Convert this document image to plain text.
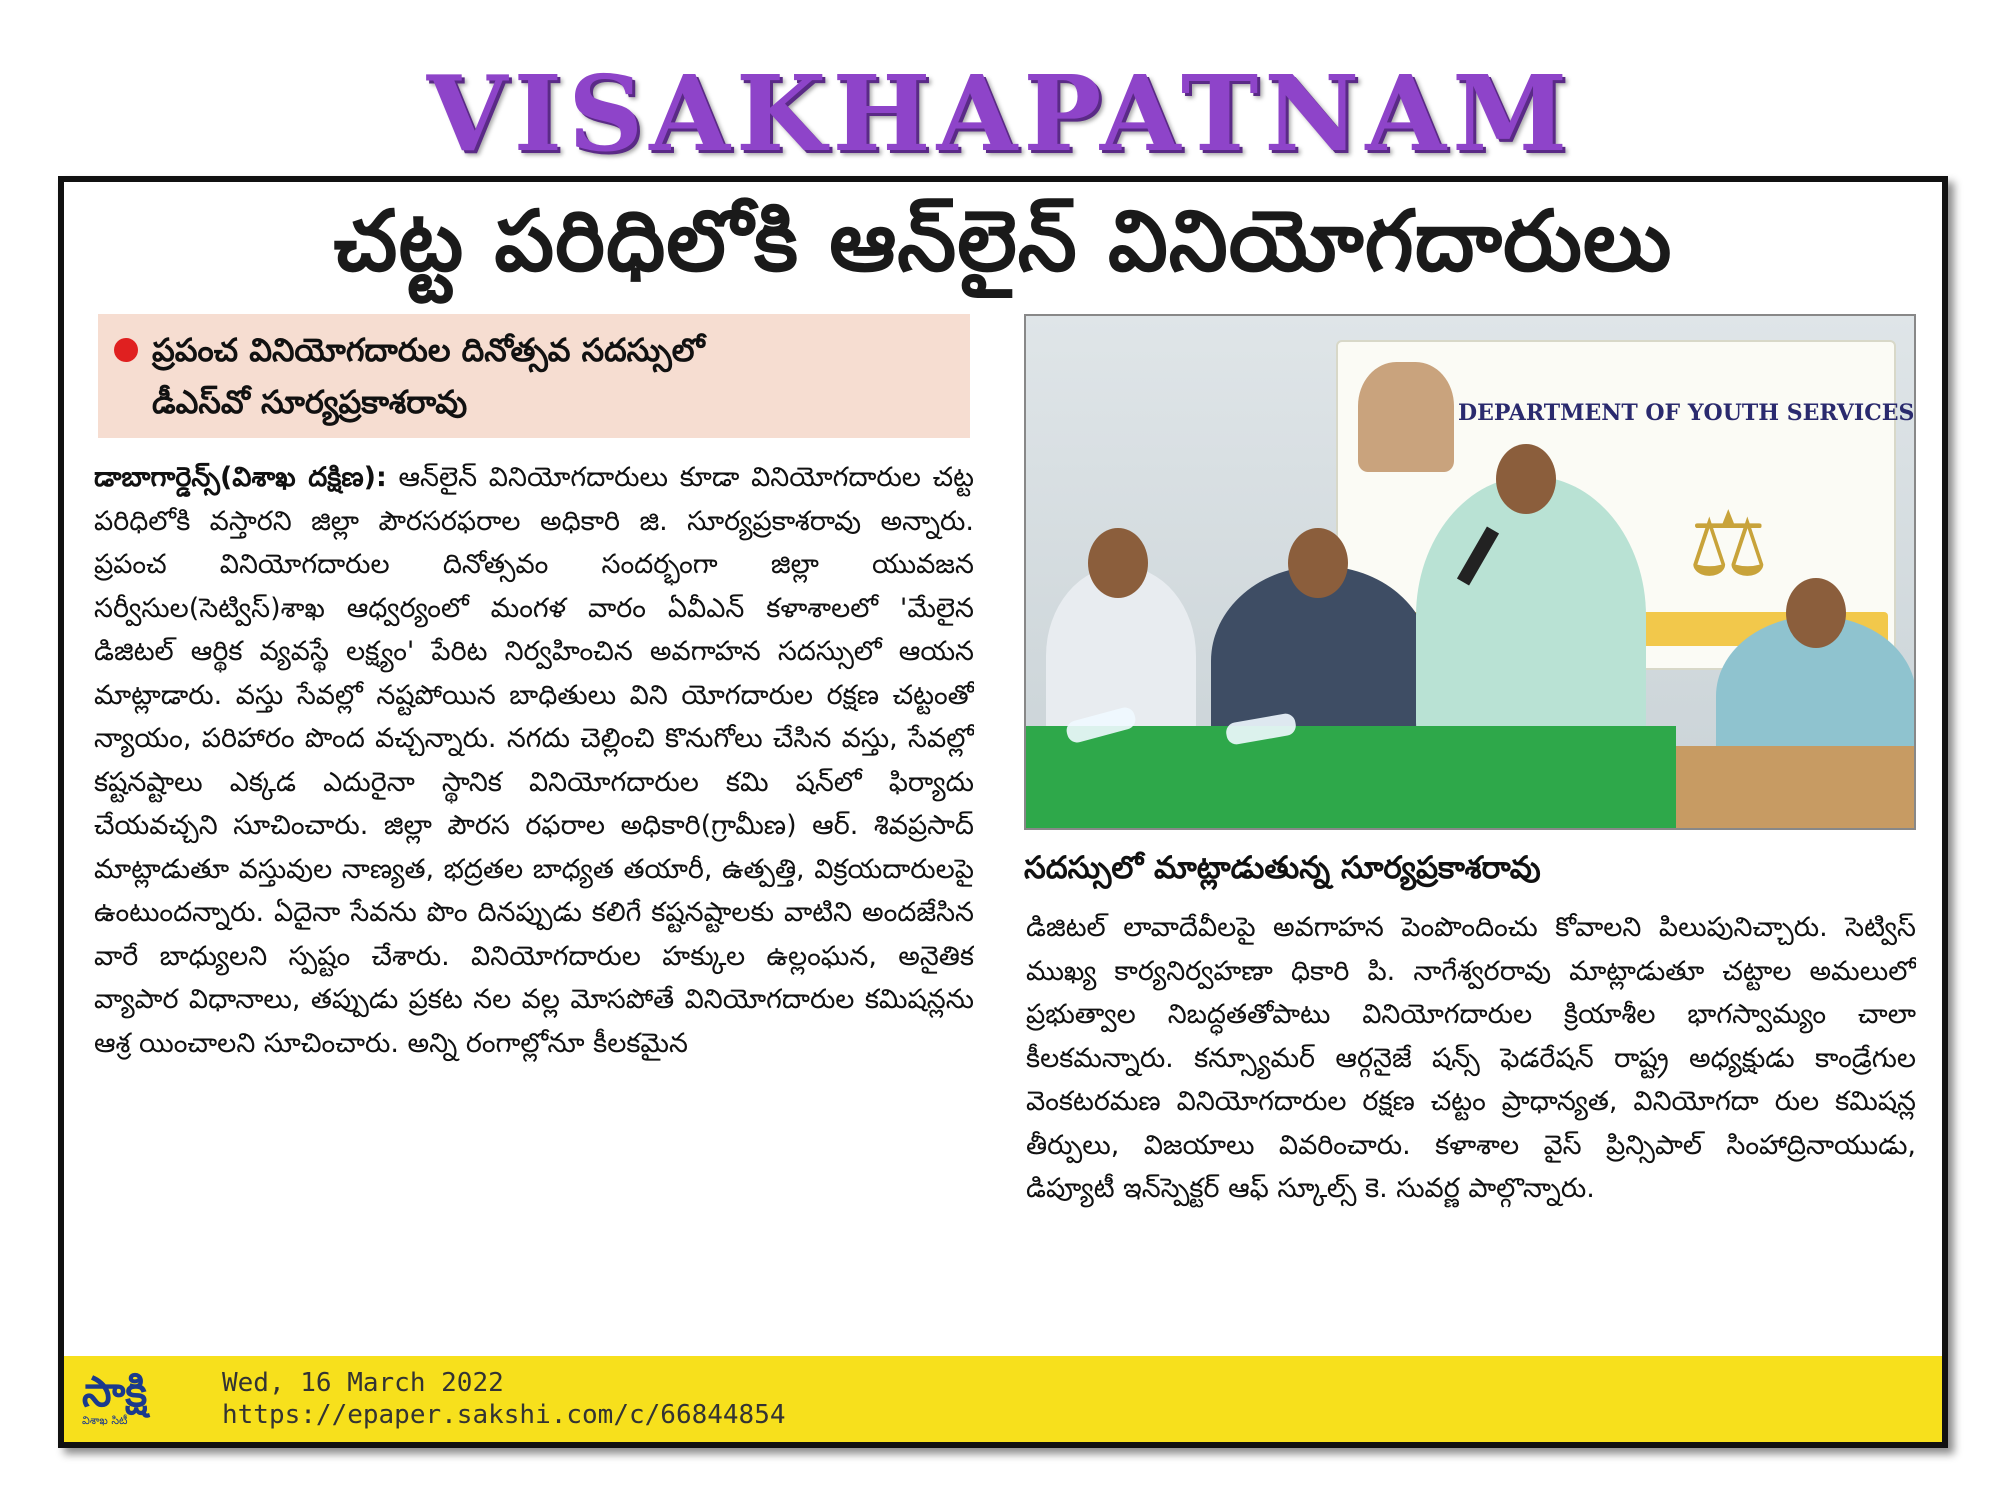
VISAKHAPATNAM
చట్ట పరిధిలోకి ఆన్‌లైన్ వినియోగదారులు
ప్రపంచ వినియోగదారుల దినోత్సవ సదస్సులో
డీఎస్‌వో సూర్యప్రకాశరావు

డాబాగార్డెన్స్(విశాఖ దక్షిణ): ఆన్‌లైన్ వినియోగదారులు కూడా వినియోగదారుల చట్ట పరిధిలోకి వస్తారని జిల్లా పౌరసరఫరాల అధికారి జి. సూర్యప్రకాశరావు అన్నారు. ప్రపంచ వినియోగదారుల దినోత్సవం సందర్భంగా జిల్లా యువజన సర్వీసుల(సెట్విస్)శాఖ ఆధ్వర్యంలో మంగళ వారం ఏవీఎన్ కళాశాలలో 'మేలైన డిజిటల్ ఆర్థిక వ్యవస్థే లక్ష్యం' పేరిట నిర్వహించిన అవగాహన సదస్సులో ఆయన మాట్లాడారు. వస్తు సేవల్లో నష్టపోయిన బాధితులు విని యోగదారుల రక్షణ చట్టంతో న్యాయం, పరిహారం పొంద వచ్చన్నారు. నగదు చెల్లించి కొనుగోలు చేసిన వస్తు, సేవల్లో కష్టనష్టాలు ఎక్కడ ఎదురైనా స్థానిక వినియోగదారుల కమి షన్‌లో ఫిర్యాదు చేయవచ్చని సూచించారు. జిల్లా పౌరస రఫరాల అధికారి(గ్రామీణ) ఆర్. శివప్రసాద్ మాట్లాడుతూ వస్తువుల నాణ్యత, భద్రతల బాధ్యత తయారీ, ఉత్పత్తి, విక్రయదారులపై ఉంటుందన్నారు. ఏదైనా సేవను పొం దినప్పుడు కలిగే కష్టనష్టాలకు వాటిని అందజేసిన వారే బాధ్యులని స్పష్టం చేశారు. వినియోగదారుల హక్కుల ఉల్లంఘన, అనైతిక వ్యాపార విధానాలు, తప్పుడు ప్రకట నల వల్ల మోసపోతే వినియోగదారుల కమిషన్లను ఆశ్ర యించాలని సూచించారు. అన్ని రంగాల్లోనూ కీలకమైన

DEPARTMENT OF YOUTH SERVICES
⚖
సదస్సులో మాట్లాడుతున్న సూర్యప్రకాశరావు

డిజిటల్ లావాదేవీలపై అవగాహన పెంపొందించు కోవాలని పిలుపునిచ్చారు. సెట్విస్ ముఖ్య కార్యనిర్వహణా ధికారి పి. నాగేశ్వరరావు మాట్లాడుతూ చట్టాల అమలులో ప్రభుత్వాల నిబద్ధతతోపాటు వినియోగదారుల క్రియాశీల భాగస్వామ్యం చాలా కీలకమన్నారు. కన్స్యూమర్ ఆర్గనైజే షన్స్ ఫెడరేషన్ రాష్ట్ర అధ్యక్షుడు కాండ్రేగుల వెంకటరమణ వినియోగదారుల రక్షణ చట్టం ప్రాధాన్యత, వినియోగదా రుల కమిషన్ల తీర్పులు, విజయాలు వివరించారు. కళాశాల వైస్ ప్రిన్సిపాల్ సింహాద్రినాయుడు, డిప్యూటీ ఇన్‌స్పెక్టర్ ఆఫ్ స్కూల్స్ కె. సువర్ణ పాల్గొన్నారు.

సాక్షి
విశాఖ సిటీ
Wed, 16 March 2022
https://epaper.sakshi.com/c/66844854
